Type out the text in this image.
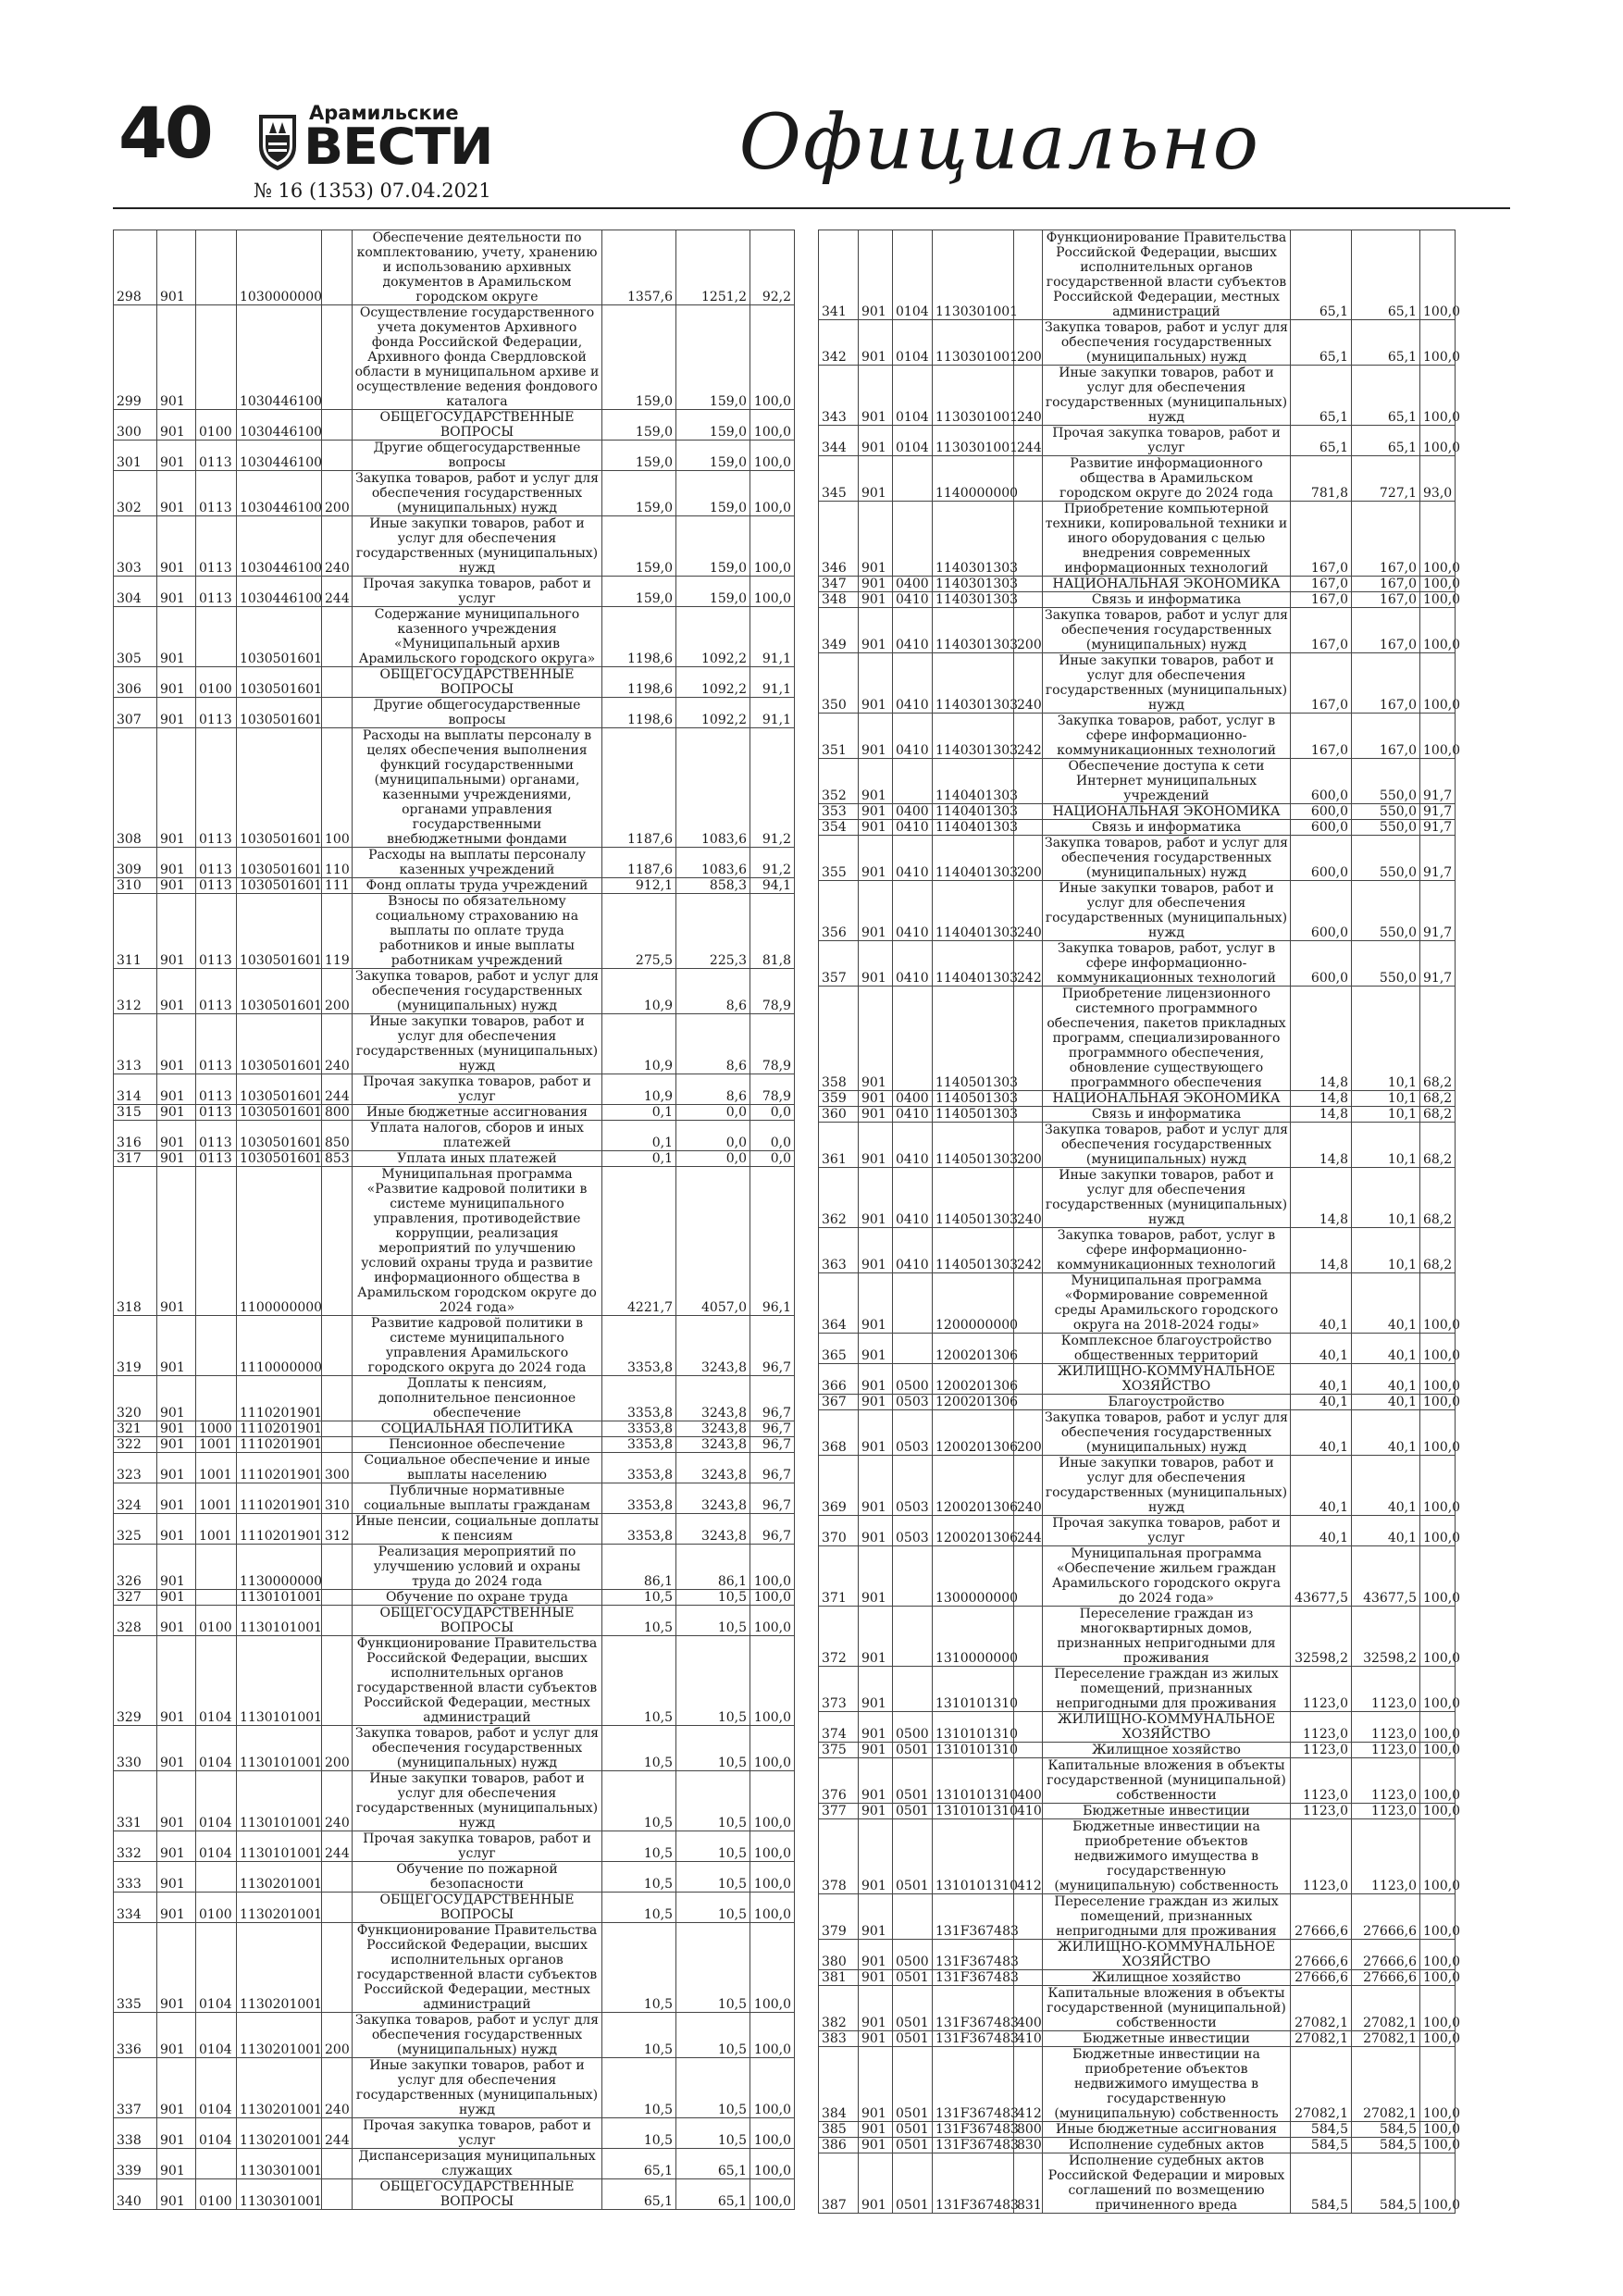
40	Арамильские
ВЕСТИ
№ 16 (1353) 07.04.2021
Официально
298	901		1030000000		Обеспечение деятельности по комплектованию, учету, хранению и использованию архивных документов в Арамильском городском округе	1357,6	1251,2	92,2
299	901		1030446100		Осуществление государственного учета документов Архивного фонда Российской Федерации, Архивного фонда Свердловской области в муниципальном архиве и осуществление ведения фондового каталога	159,0	159,0	100,0
300	901	0100	1030446100		ОБЩЕГОСУДАРСТВЕННЫЕ ВОПРОСЫ	159,0	159,0	100,0
301	901	0113	1030446100		Другие общегосударственные вопросы	159,0	159,0	100,0
302	901	0113	1030446100	200	Закупка товаров, работ и услуг для обеспечения государственных (муниципальных) нужд	159,0	159,0	100,0
303	901	0113	1030446100	240	Иные закупки товаров, работ и услуг для обеспечения государственных (муниципальных) нужд	159,0	159,0	100,0
304	901	0113	1030446100	244	Прочая закупка товаров, работ и услуг	159,0	159,0	100,0
305	901		1030501601		Содержание муниципального казенного учреждения «Муниципальный архив Арамильского городского округа»	1198,6	1092,2	91,1
306	901	0100	1030501601		ОБЩЕГОСУДАРСТВЕННЫЕ ВОПРОСЫ	1198,6	1092,2	91,1
307	901	0113	1030501601		Другие общегосударственные вопросы	1198,6	1092,2	91,1
308	901	0113	1030501601	100	Расходы на выплаты персоналу в целях обеспечения выполнения функций государственными (муниципальными) органами, казенными учреждениями, органами управления государственными внебюджетными фондами	1187,6	1083,6	91,2
309	901	0113	1030501601	110	Расходы на выплаты персоналу казенных учреждений	1187,6	1083,6	91,2
310	901	0113	1030501601	111	Фонд оплаты труда учреждений	912,1	858,3	94,1
311	901	0113	1030501601	119	Взносы по обязательному социальному страхованию на выплаты по оплате труда работников и иные выплаты работникам учреждений	275,5	225,3	81,8
312	901	0113	1030501601	200	Закупка товаров, работ и услуг для обеспечения государственных (муниципальных) нужд	10,9	8,6	78,9
313	901	0113	1030501601	240	Иные закупки товаров, работ и услуг для обеспечения государственных (муниципальных) нужд	10,9	8,6	78,9
314	901	0113	1030501601	244	Прочая закупка товаров, работ и услуг	10,9	8,6	78,9
315	901	0113	1030501601	800	Иные бюджетные ассигнования	0,1	0,0	0,0
316	901	0113	1030501601	850	Уплата налогов, сборов и иных платежей	0,1	0,0	0,0
317	901	0113	1030501601	853	Уплата иных платежей	0,1	0,0	0,0
318	901		1100000000		Муниципальная программа «Развитие кадровой политики в системе муниципального управления, противодействие коррупции, реализация мероприятий по улучшению условий охраны труда и развитие информационного общества в Арамильском городском округе до 2024 года»	4221,7	4057,0	96,1
319	901		1110000000		Развитие кадровой политики в системе муниципального управления Арамильского городского округа до 2024 года	3353,8	3243,8	96,7
320	901		1110201901		Доплаты к пенсиям, дополнительное пенсионное обеспечение	3353,8	3243,8	96,7
321	901	1000	1110201901		СОЦИАЛЬНАЯ ПОЛИТИКА	3353,8	3243,8	96,7
322	901	1001	1110201901		Пенсионное обеспечение	3353,8	3243,8	96,7
323	901	1001	1110201901	300	Социальное обеспечение и иные выплаты населению	3353,8	3243,8	96,7
324	901	1001	1110201901	310	Публичные нормативные социальные выплаты гражданам	3353,8	3243,8	96,7
325	901	1001	1110201901	312	Иные пенсии, социальные доплаты к пенсиям	3353,8	3243,8	96,7
326	901		1130000000		Реализация мероприятий по улучшению условий и охраны труда до 2024 года	86,1	86,1	100,0
327	901		1130101001		Обучение по охране труда	10,5	10,5	100,0
328	901	0100	1130101001		ОБЩЕГОСУДАРСТВЕННЫЕ ВОПРОСЫ	10,5	10,5	100,0
329	901	0104	1130101001		Функционирование Правительства Российской Федерации, высших исполнительных органов государственной власти субъектов Российской Федерации, местных администраций	10,5	10,5	100,0
330	901	0104	1130101001	200	Закупка товаров, работ и услуг для обеспечения государственных (муниципальных) нужд	10,5	10,5	100,0
331	901	0104	1130101001	240	Иные закупки товаров, работ и услуг для обеспечения государственных (муниципальных) нужд	10,5	10,5	100,0
332	901	0104	1130101001	244	Прочая закупка товаров, работ и услуг	10,5	10,5	100,0
333	901		1130201001		Обучение по пожарной безопасности	10,5	10,5	100,0
334	901	0100	1130201001		ОБЩЕГОСУДАРСТВЕННЫЕ ВОПРОСЫ	10,5	10,5	100,0
335	901	0104	1130201001		Функционирование Правительства Российской Федерации, высших исполнительных органов государственной власти субъектов Российской Федерации, местных администраций	10,5	10,5	100,0
336	901	0104	1130201001	200	Закупка товаров, работ и услуг для обеспечения государственных (муниципальных) нужд	10,5	10,5	100,0
337	901	0104	1130201001	240	Иные закупки товаров, работ и услуг для обеспечения государственных (муниципальных) нужд	10,5	10,5	100,0
338	901	0104	1130201001	244	Прочая закупка товаров, работ и услуг	10,5	10,5	100,0
339	901		1130301001		Диспансеризация муниципальных служащих	65,1	65,1	100,0
340	901	0100	1130301001		ОБЩЕГОСУДАРСТВЕННЫЕ ВОПРОСЫ	65,1	65,1	100,0
341	901	0104	1130301001		Функционирование Правительства Российской Федерации, высших исполнительных органов государственной власти субъектов Российской Федерации, местных администраций	65,1	65,1	100,0
342	901	0104	1130301001	200	Закупка товаров, работ и услуг для обеспечения государственных (муниципальных) нужд	65,1	65,1	100,0
343	901	0104	1130301001	240	Иные закупки товаров, работ и услуг для обеспечения государственных (муниципальных) нужд	65,1	65,1	100,0
344	901	0104	1130301001	244	Прочая закупка товаров, работ и услуг	65,1	65,1	100,0
345	901		1140000000		Развитие информационного общества в Арамильском городском округе до 2024 года	781,8	727,1	93,0
346	901		1140301303		Приобретение компьютерной техники, копировальной техники и иного оборудования с целью внедрения современных информационных технологий	167,0	167,0	100,0
347	901	0400	1140301303		НАЦИОНАЛЬНАЯ ЭКОНОМИКА	167,0	167,0	100,0
348	901	0410	1140301303		Связь и информатика	167,0	167,0	100,0
349	901	0410	1140301303	200	Закупка товаров, работ и услуг для обеспечения государственных (муниципальных) нужд	167,0	167,0	100,0
350	901	0410	1140301303	240	Иные закупки товаров, работ и услуг для обеспечения государственных (муниципальных) нужд	167,0	167,0	100,0
351	901	0410	1140301303	242	Закупка товаров, работ, услуг в сфере информационно-коммуникационных технологий	167,0	167,0	100,0
352	901		1140401303		Обеспечение доступа к сети Интернет муниципальных учреждений	600,0	550,0	91,7
353	901	0400	1140401303		НАЦИОНАЛЬНАЯ ЭКОНОМИКА	600,0	550,0	91,7
354	901	0410	1140401303		Связь и информатика	600,0	550,0	91,7
355	901	0410	1140401303	200	Закупка товаров, работ и услуг для обеспечения государственных (муниципальных) нужд	600,0	550,0	91,7
356	901	0410	1140401303	240	Иные закупки товаров, работ и услуг для обеспечения государственных (муниципальных) нужд	600,0	550,0	91,7
357	901	0410	1140401303	242	Закупка товаров, работ, услуг в сфере информационно-коммуникационных технологий	600,0	550,0	91,7
358	901		1140501303		Приобретение лицензионного системного программного обеспечения, пакетов прикладных программ, специализированного программного обеспечения, обновление существующего программного обеспечения	14,8	10,1	68,2
359	901	0400	1140501303		НАЦИОНАЛЬНАЯ ЭКОНОМИКА	14,8	10,1	68,2
360	901	0410	1140501303		Связь и информатика	14,8	10,1	68,2
361	901	0410	1140501303	200	Закупка товаров, работ и услуг для обеспечения государственных (муниципальных) нужд	14,8	10,1	68,2
362	901	0410	1140501303	240	Иные закупки товаров, работ и услуг для обеспечения государственных (муниципальных) нужд	14,8	10,1	68,2
363	901	0410	1140501303	242	Закупка товаров, работ, услуг в сфере информационно-коммуникационных технологий	14,8	10,1	68,2
364	901		1200000000		Муниципальная программа «Формирование современной среды Арамильского городского округа на 2018-2024 годы»	40,1	40,1	100,0
365	901		1200201306		Комплексное благоустройство общественных территорий	40,1	40,1	100,0
366	901	0500	1200201306		ЖИЛИЩНО-КОММУНАЛЬНОЕ ХОЗЯЙСТВО	40,1	40,1	100,0
367	901	0503	1200201306		Благоустройство	40,1	40,1	100,0
368	901	0503	1200201306	200	Закупка товаров, работ и услуг для обеспечения государственных (муниципальных) нужд	40,1	40,1	100,0
369	901	0503	1200201306	240	Иные закупки товаров, работ и услуг для обеспечения государственных (муниципальных) нужд	40,1	40,1	100,0
370	901	0503	1200201306	244	Прочая закупка товаров, работ и услуг	40,1	40,1	100,0
371	901		1300000000		Муниципальная программа «Обеспечение жильем граждан Арамильского городского округа до 2024 года»	43677,5	43677,5	100,0
372	901		1310000000		Переселение граждан из многоквартирных домов, признанных непригодными для проживания	32598,2	32598,2	100,0
373	901		1310101310		Переселение граждан из жилых помещений, признанных непригодными для проживания	1123,0	1123,0	100,0
374	901	0500	1310101310		ЖИЛИЩНО-КОММУНАЛЬНОЕ ХОЗЯЙСТВО	1123,0	1123,0	100,0
375	901	0501	1310101310		Жилищное хозяйство	1123,0	1123,0	100,0
376	901	0501	1310101310	400	Капитальные вложения в объекты государственной (муниципальной) собственности	1123,0	1123,0	100,0
377	901	0501	1310101310	410	Бюджетные инвестиции	1123,0	1123,0	100,0
378	901	0501	1310101310	412	Бюджетные инвестиции на приобретение объектов недвижимого имущества в государственную (муниципальную) собственность	1123,0	1123,0	100,0
379	901		131F367483		Переселение граждан из жилых помещений, признанных непригодными для проживания	27666,6	27666,6	100,0
380	901	0500	131F367483		ЖИЛИЩНО-КОММУНАЛЬНОЕ ХОЗЯЙСТВО	27666,6	27666,6	100,0
381	901	0501	131F367483		Жилищное хозяйство	27666,6	27666,6	100,0
382	901	0501	131F367483	400	Капитальные вложения в объекты государственной (муниципальной) собственности	27082,1	27082,1	100,0
383	901	0501	131F367483	410	Бюджетные инвестиции	27082,1	27082,1	100,0
384	901	0501	131F367483	412	Бюджетные инвестиции на приобретение объектов недвижимого имущества в государственную (муниципальную) собственность	27082,1	27082,1	100,0
385	901	0501	131F367483	800	Иные бюджетные ассигнования	584,5	584,5	100,0
386	901	0501	131F367483	830	Исполнение судебных актов	584,5	584,5	100,0
387	901	0501	131F367483	831	Исполнение судебных актов Российской Федерации и мировых соглашений по возмещению причиненного вреда	584,5	584,5	100,0
